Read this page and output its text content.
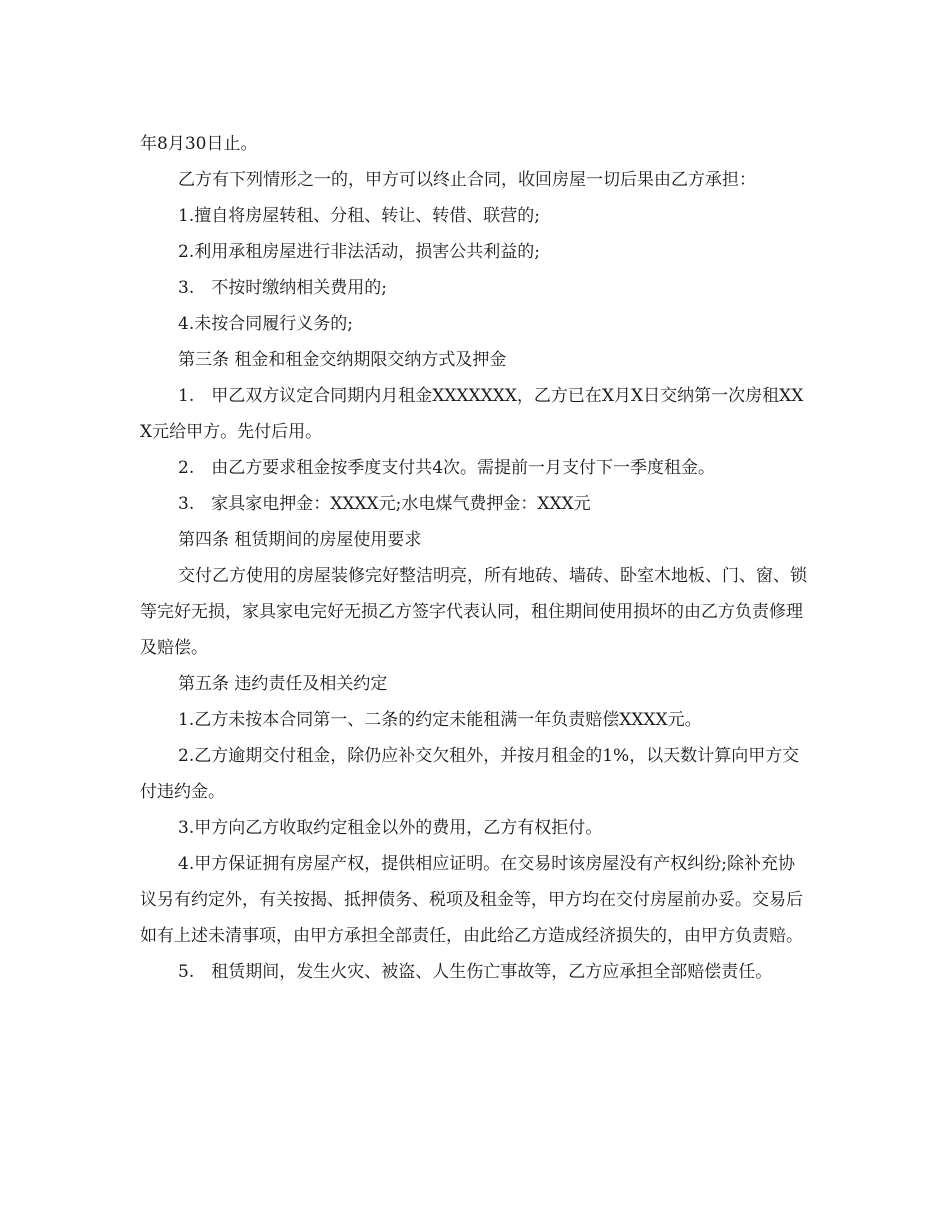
年8月30日止。

乙方有下列情形之一的，甲方可以终止合同，收回房屋一切后果由乙方承担：

1.擅自将房屋转租、分租、转让、转借、联营的;

2.利用承租房屋进行非法活动，损害公共利益的;

3.　不按时缴纳相关费用的;

4.未按合同履行义务的;

第三条 租金和租金交纳期限交纳方式及押金

1.　甲乙双方议定合同期内月租金XXXXXXX，乙方已在X月X日交纳第一次房租XXX元给甲方。先付后用。

2.　由乙方要求租金按季度支付共4次。需提前一月支付下一季度租金。

3.　家具家电押金：XXXX元;水电煤气费押金：XXX元

第四条 租赁期间的房屋使用要求

交付乙方使用的房屋装修完好整洁明亮，所有地砖、墙砖、卧室木地板、门、窗、锁等完好无损，家具家电完好无损乙方签字代表认同，租住期间使用损坏的由乙方负责修理及赔偿。

第五条 违约责任及相关约定

1.乙方未按本合同第一、二条的约定未能租满一年负责赔偿XXXX元。

2.乙方逾期交付租金，除仍应补交欠租外，并按月租金的1%，以天数计算向甲方交付违约金。

3.甲方向乙方收取约定租金以外的费用，乙方有权拒付。

4.甲方保证拥有房屋产权，提供相应证明。在交易时该房屋没有产权纠纷;除补充协议另有约定外，有关按揭、抵押债务、税项及租金等，甲方均在交付房屋前办妥。交易后如有上述未清事项，由甲方承担全部责任，由此给乙方造成经济损失的，由甲方负责赔。

5.　租赁期间，发生火灾、被盗、人生伤亡事故等，乙方应承担全部赔偿责任。
